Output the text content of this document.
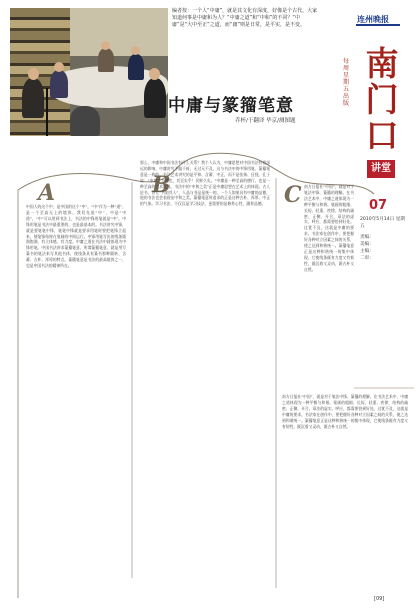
编者按：一个人“中庸”，就是其文化有深度，好像是个古代。大家知道何事是中庸和为人？“中庸之道”和“中和”的不同？“中庸”是“大中至正”之道，而“庸”则是日常，是平实，是不变。
中庸与篆籀笔意
乔杯/于翻译 毕京/测图题
连州晚报
每周星期五出版
南门口
讲堂
07
2010年5月14日 星期五
责编：
美编：
主编：
二审：
A	B	C
中国人的这个中，是中国的这个“中”，“中”作为一种“道”，是一个至高无上的境界。我们先说“中”，中是“中道”，“中”可以用到书法上，书法的中锋用笔就是“中”。中锋用笔是书法中最重要的，也是最基本的。书法讲究中锋，就是要笔笔中锋，笔笔中锋就是要求用笔时要把笔锋立起来，使笔锋始终在笔画的中间运行。中锋用笔写出的线条圆润饱满，有立体感，有力度。中庸之道在书法中就体现为中锋用笔。中国书法讲求篆籀笔意，所谓篆籀笔意，就是用写篆书的笔法来写其他书体，使线条具有篆书那种圆转、含蓄、古朴、浑厚的特点。篆籀笔意是书法的最高境界之一，也是中国书法的精神所在。
那么，中庸和中国书法有什么关系？我个人认为，中庸思想对中国书法有着深远的影响。中庸讲究不偏不倚，无过无不及，这与书法中的中锋用笔、篆籀笔意是一致的。书法艺术讲究的是平和、含蓄、中正，而不是张扬、狂怪。孔子说：“中庸之为德也，其至矣乎！民鲜久矣。”中庸是一种至高的德行，也是一种至高的艺术境界。书法中的“中和之美”正是中庸思想在艺术上的体现。古人论书，讲究“书如其人”，人品与书品是统一的。一个人如果具有中庸的品德，他的书法也会表现出中和之美。篆籀笔意所追求的正是这种古朴、浑厚、中正的气象。学习书法，不仅仅是学习技法，更重要的是修养心性，涵养品德。
南方日报社“中国”，就是对于笔法中锋、篆籀的理解。在书法艺术中，中庸之道体现为一种平衡与和谐。笔画的粗细、长短、轻重、疾徐，结构的疏密、正侧、开合，章法的虚实、呼应，都需要恰到好处。过犹不及，这就是中庸的要求。书法家在创作中，要把握好各种对立因素之间的关系，使之达到和谐统一。篆籀笔意正是这种和谐统一的集中体现，它使线条既有力度又有韧性，既沉着又灵动，既古朴又自然。
南方日报社“中国”，就是对于笔法中锋、篆籀的理解。在书法艺术中，中庸之道体现为一种平衡与和谐。笔画的粗细、长短、轻重、疾徐，结构的疏密、正侧、开合，章法的虚实、呼应，都需要恰到好处。过犹不及，这就是中庸的要求。书法家在创作中，要把握好各种对立因素之间的关系，使之达到和谐统一。篆籀笔意正是这种和谐统一的集中体现，它使线条既有力度又有韧性，既沉着又灵动，既古朴又自然。
[09]
